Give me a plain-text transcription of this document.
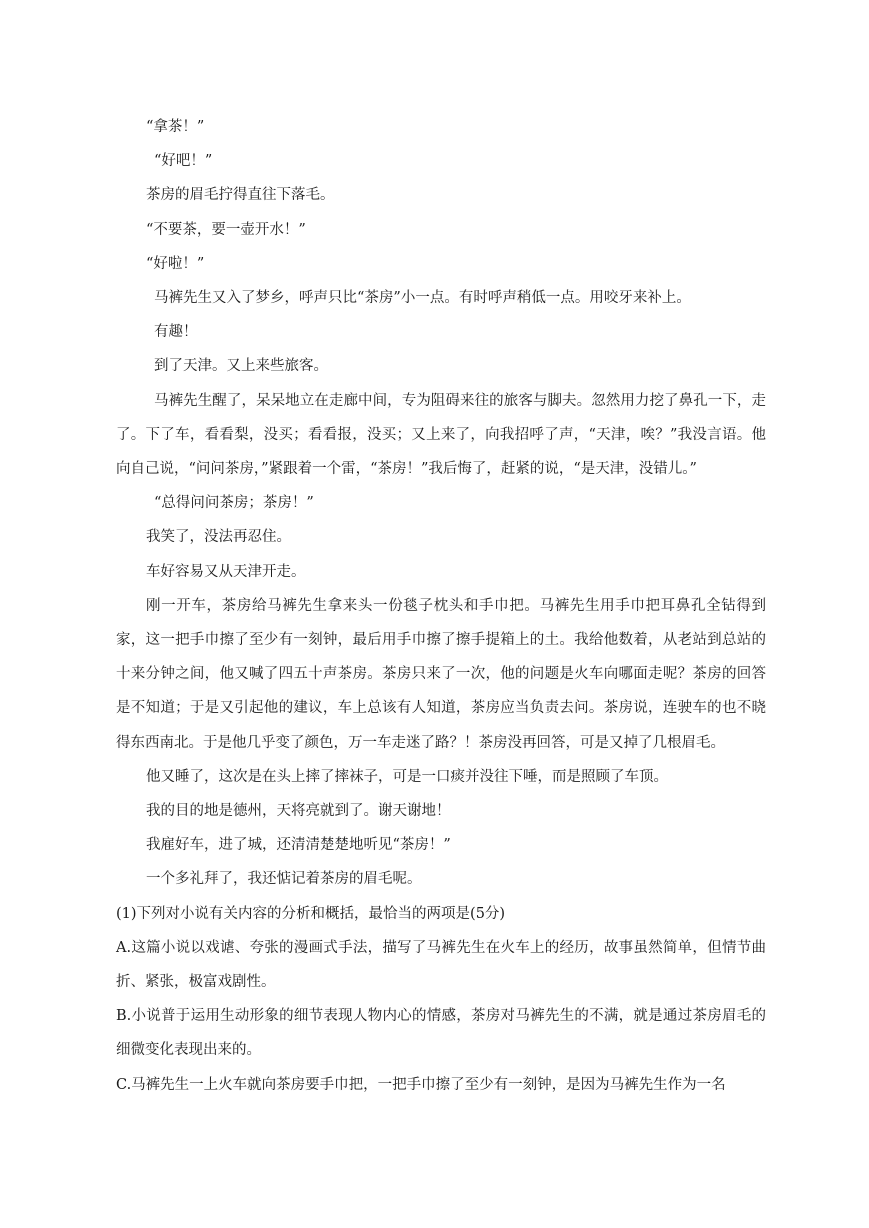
“拿茶！”

“好吧！”

茶房的眉毛拧得直往下落毛。

“不要茶，要一壶开水！”

“好啦！”

马裤先生又入了梦乡，呼声只比“茶房”小一点。有时呼声稍低一点。用咬牙来补上。

有趣！

到了天津。又上来些旅客。

马裤先生醒了，呆呆地立在走廊中间，专为阻碍来往的旅客与脚夫。忽然用力挖了鼻孔一下，走了。下了车，看看梨，没买；看看报，没买；又上来了，向我招呼了声，“天津，唉？”我没言语。他向自己说，“问问茶房，”紧跟着一个雷，“茶房！”我后悔了，赶紧的说，“是天津，没错儿。”

“总得问问茶房；茶房！”

我笑了，没法再忍住。

车好容易又从天津开走。

刚一开车，茶房给马裤先生拿来头一份毯子枕头和手巾把。马裤先生用手巾把耳鼻孔全钻得到家，这一把手巾擦了至少有一刻钟，最后用手巾擦了擦手提箱上的土。我给他数着，从老站到总站的十来分钟之间，他又喊了四五十声茶房。茶房只来了一次，他的问题是火车向哪面走呢？茶房的回答是不知道；于是又引起他的建议，车上总该有人知道，茶房应当负责去问。茶房说，连驶车的也不晓得东西南北。于是他几乎变了颜色，万一车走迷了路？！茶房没再回答，可是又掉了几根眉毛。

他又睡了，这次是在头上摔了摔袜子，可是一口痰并没往下唾，而是照顾了车顶。

我的目的地是德州，天将亮就到了。谢天谢地！

我雇好车，进了城，还清清楚楚地听见“茶房！”

一个多礼拜了，我还惦记着茶房的眉毛呢。

(1)下列对小说有关内容的分析和概括，最恰当的两项是(5分)

A.这篇小说以戏谑、夸张的漫画式手法，描写了马裤先生在火车上的经历，故事虽然简单，但情节曲折、紧张，极富戏剧性。

B.小说普于运用生动形象的细节表现人物内心的情感，茶房对马裤先生的不满，就是通过茶房眉毛的细微变化表现出来的。

C.马裤先生一上火车就向茶房要手巾把，一把手巾擦了至少有一刻钟，是因为马裤先生作为一名
